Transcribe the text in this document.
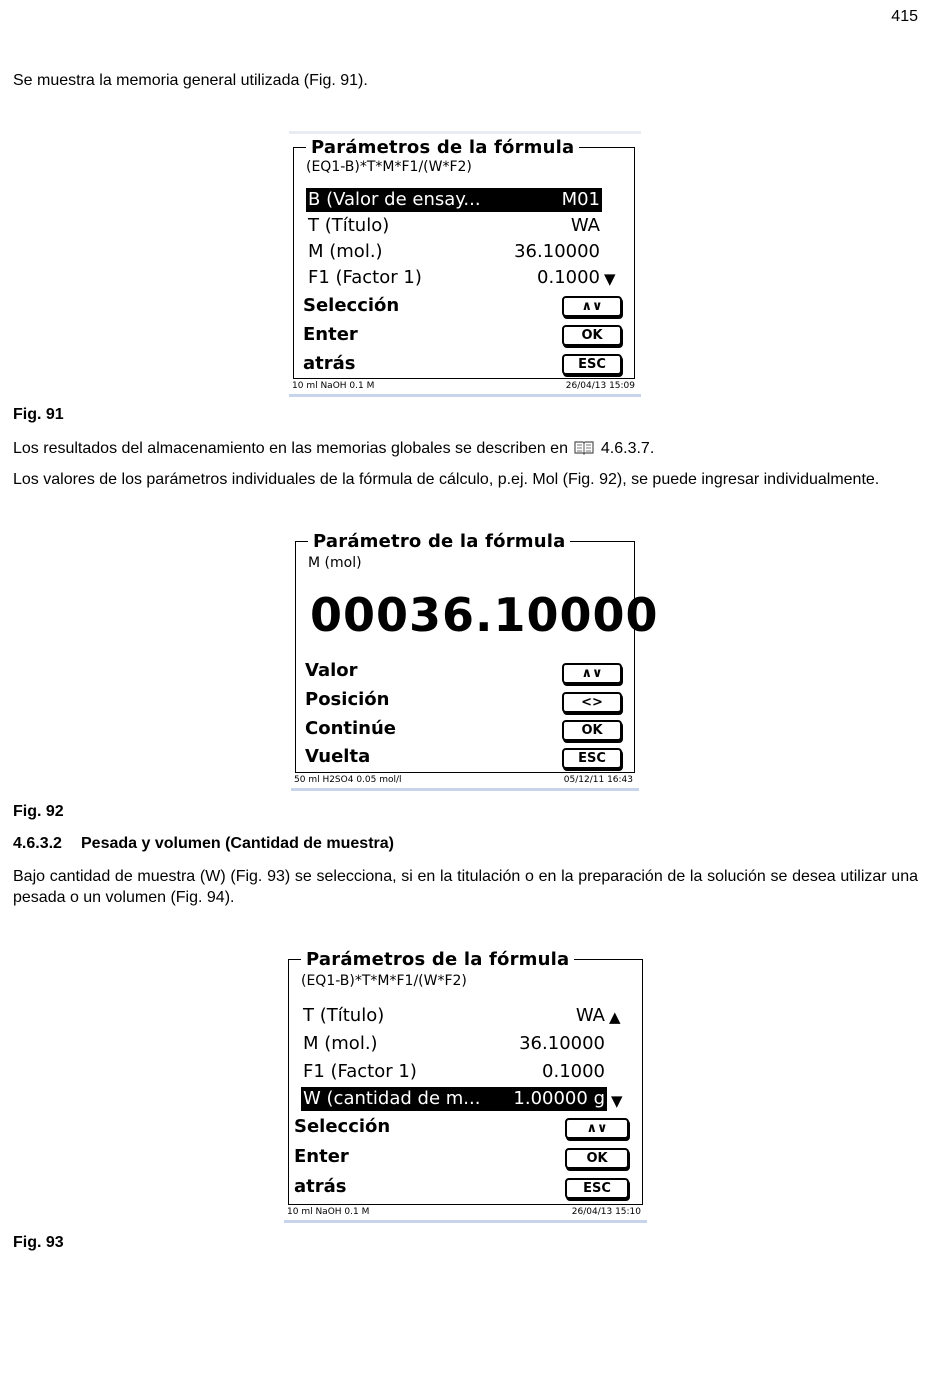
415
Se muestra la memoria general utilizada (Fig. 91).
Parámetros de la fórmula
(EQ1-B)*T*M*F1/(W*F2)
B (Valor de ensay...	M01
T (Título)	WA
M (mol.)	36.10000
F1 (Factor 1)	0.1000 ▼
Selección	∧∨
Enter	OK
atrás	ESC
10 ml NaOH 0.1 M	26/04/13 15:09
Fig. 91
Los resultados del almacenamiento en las memorias globales se describen en 4.6.3.7.
Los valores de los parámetros individuales de la fórmula de cálculo, p.ej. Mol (Fig. 92), se puede ingresar individualmente.
Parámetro de la fórmula
M (mol)
00036.10000
Valor	∧∨
Posición	<>
Continúe	OK
Vuelta	ESC
50 ml H2SO4 0.05 mol/l	05/12/11 16:43
Fig. 92
4.6.3.2 Pesada y volumen (Cantidad de muestra)
Bajo cantidad de muestra (W) (Fig. 93) se selecciona, si en la titulación o en la preparación de la solución se desea utilizar una pesada o un volumen (Fig. 94).
Parámetros de la fórmula
(EQ1-B)*T*M*F1/(W*F2)
T (Título)	WA ▲
M (mol.)	36.10000
F1 (Factor 1)	0.1000
W (cantidad de m... 1.00000 g ▼
Selección	∧∨
Enter	OK
atrás	ESC
10 ml NaOH 0.1 M	26/04/13 15:10
Fig. 93
